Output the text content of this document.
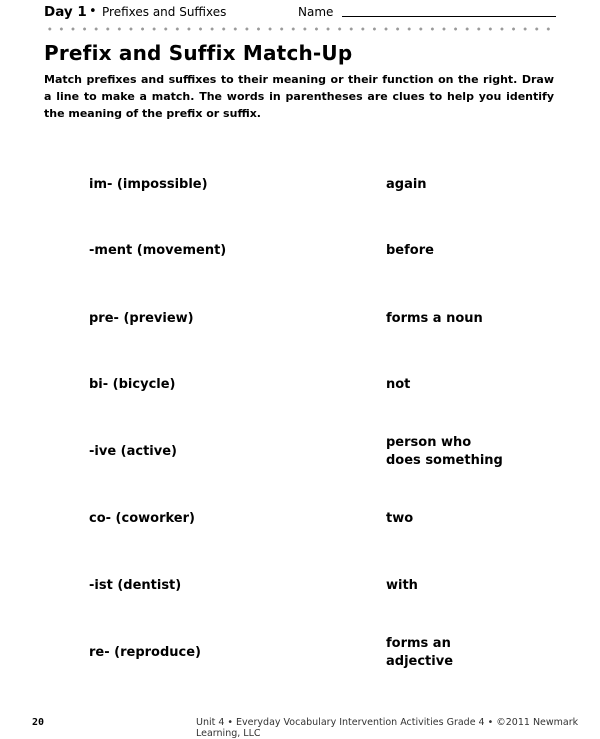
Day 1 • Prefixes and Suffixes	Name
Prefix and Suffix Match-Up
Match prefixes and suffixes to their meaning or their function on the right. Draw a line to make a match. The words in parentheses are clues to help you identify the meaning of the prefix or suffix.
im- (impossible)
-ment (movement)
pre- (preview)
bi- (bicycle)
-ive (active)
co- (coworker)
-ist (dentist)
re- (reproduce)
again
before
forms a noun
not
person who
does something
two
with
forms an
adjective
20	Unit 4 • Everyday Vocabulary Intervention Activities Grade 4 • ©2011 Newmark Learning, LLC
